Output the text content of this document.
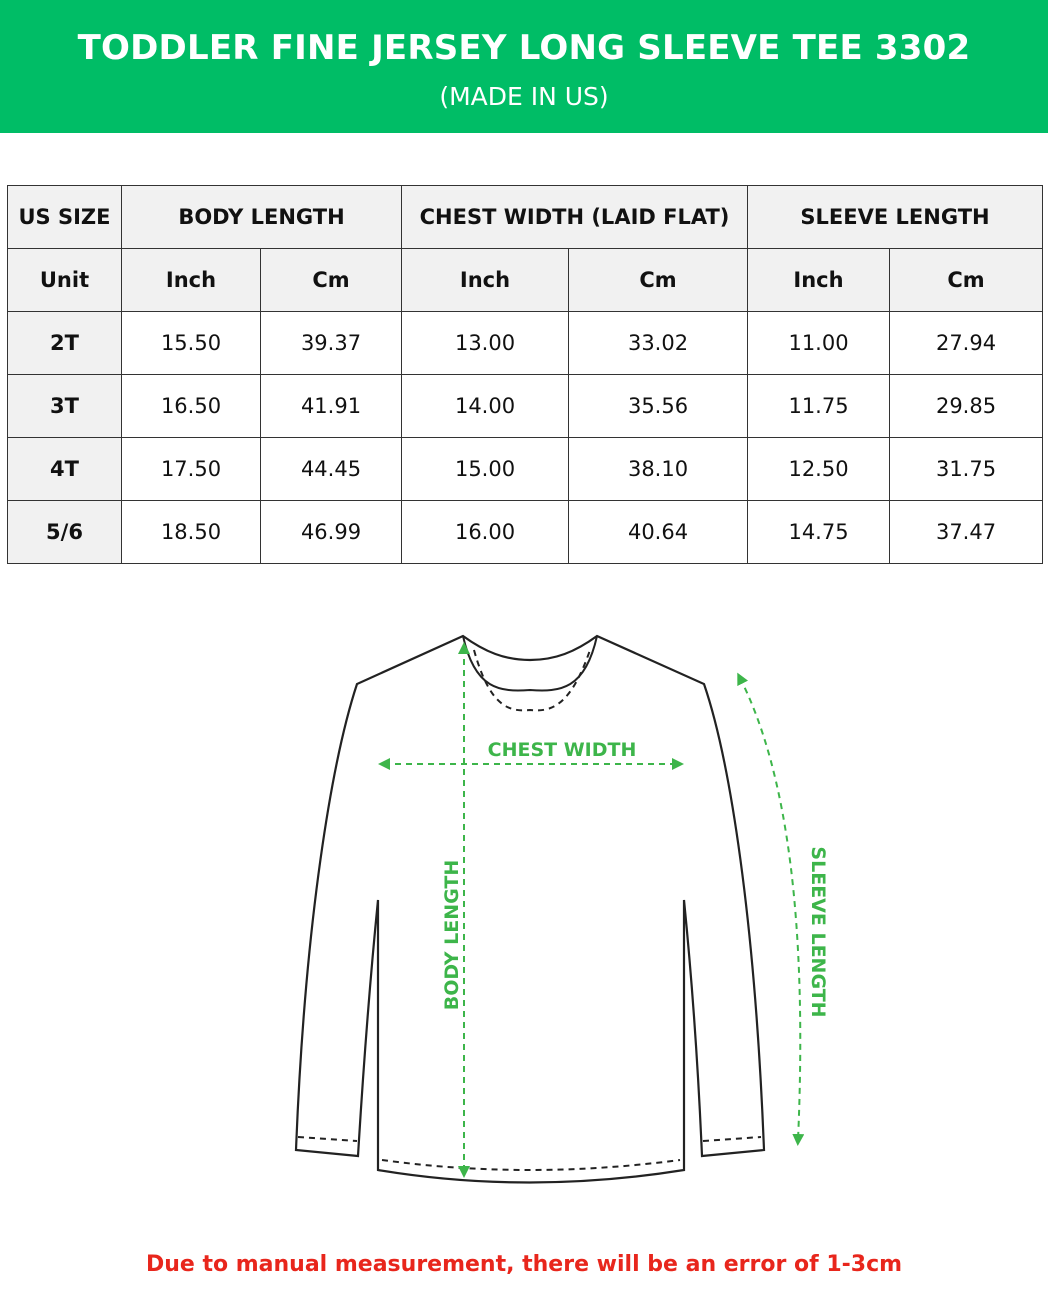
TODDLER FINE JERSEY LONG SLEEVE TEE 3302
(MADE IN US)
US SIZE	BODY LENGTH		CHEST WIDTH (LAID FLAT)		SLEEVE LENGTH	
Unit	Inch	Cm	Inch	Cm	Inch	Cm
2T	15.50	39.37	13.00	33.02	11.00	27.94
3T	16.50	41.91	14.00	35.56	11.75	29.85
4T	17.50	44.45	15.00	38.10	12.50	31.75
5/6	18.50	46.99	16.00	40.64	14.75	37.47
CHEST WIDTH
BODY LENGTH	SLEEVE LENGTH
Due to manual measurement, there will be an error of 1-3cm
